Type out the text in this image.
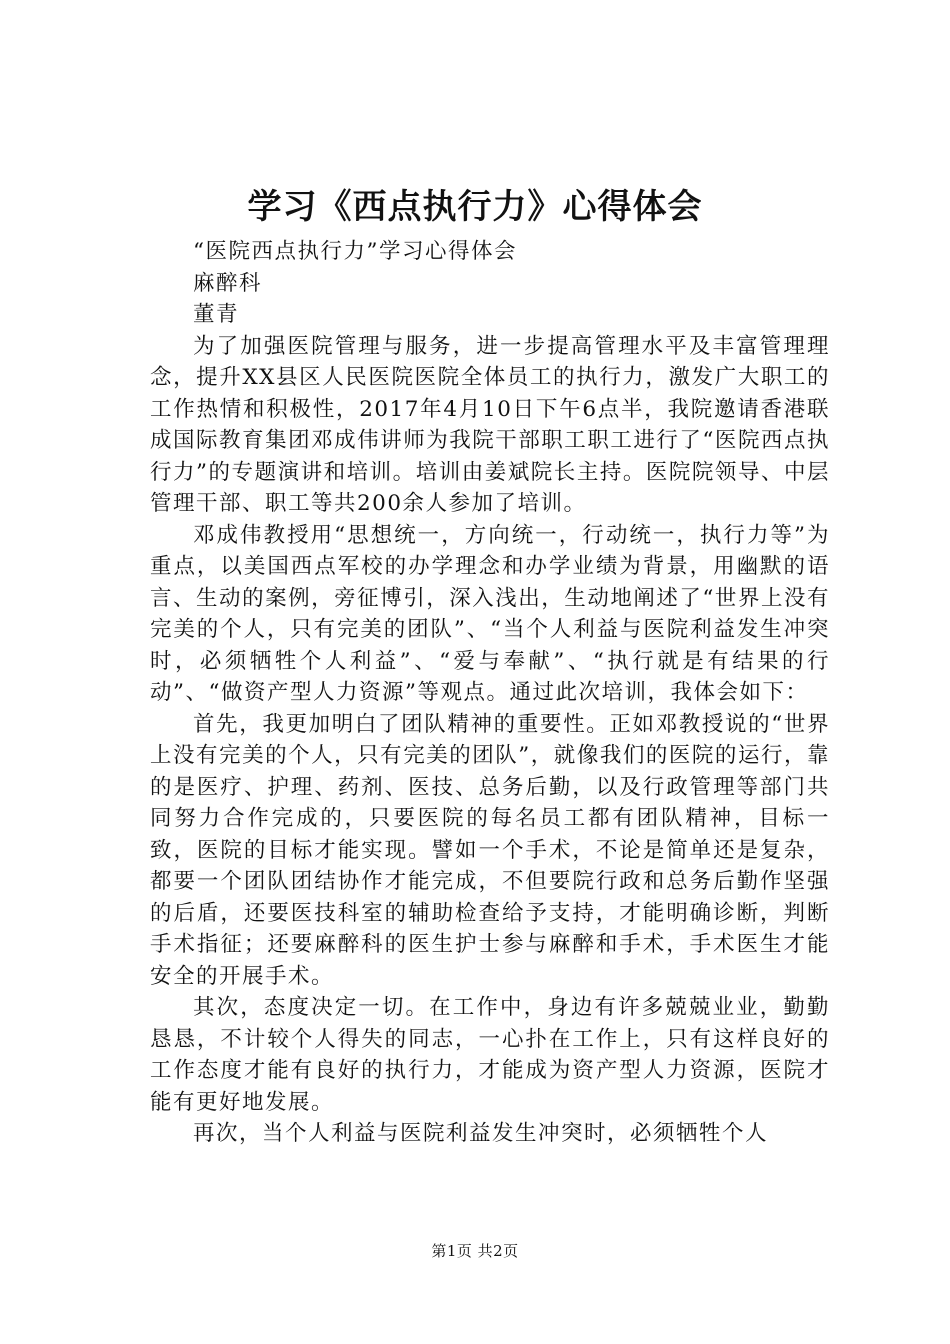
学习《西点执行力》心得体会

“医院西点执行力”学习心得体会

麻醉科

董青

为了加强医院管理与服务，进一步提高管理水平及丰富管理理念，提升XX县区人民医院医院全体员工的执行力，激发广大职工的工作热情和积极性，2017年4月10日下午6点半，我院邀请香港联成国际教育集团邓成伟讲师为我院干部职工职工进行了“医院西点执行力”的专题演讲和培训。培训由姜斌院长主持。医院院领导、中层管理干部、职工等共200余人参加了培训。

邓成伟教授用“思想统一，方向统一，行动统一，执行力等”为重点，以美国西点军校的办学理念和办学业绩为背景，用幽默的语言、生动的案例，旁征博引，深入浅出，生动地阐述了“世界上没有完美的个人，只有完美的团队”、“当个人利益与医院利益发生冲突时，必须牺牲个人利益”、“爱与奉献”、“执行就是有结果的行动”、“做资产型人力资源”等观点。通过此次培训，我体会如下：

首先，我更加明白了团队精神的重要性。正如邓教授说的“世界上没有完美的个人，只有完美的团队”，就像我们的医院的运行，靠的是医疗、护理、药剂、医技、总务后勤，以及行政管理等部门共同努力合作完成的，只要医院的每名员工都有团队精神，目标一致，医院的目标才能实现。譬如一个手术，不论是简单还是复杂，都要一个团队团结协作才能完成，不但要院行政和总务后勤作坚强的后盾，还要医技科室的辅助检查给予支持，才能明确诊断，判断手术指征；还要麻醉科的医生护士参与麻醉和手术，手术医生才能安全的开展手术。

其次，态度决定一切。在工作中，身边有许多兢兢业业，勤勤恳恳，不计较个人得失的同志，一心扑在工作上，只有这样良好的工作态度才能有良好的执行力，才能成为资产型人力资源，医院才能有更好地发展。

再次，当个人利益与医院利益发生冲突时，必须牺牲个人

第1页 共2页
